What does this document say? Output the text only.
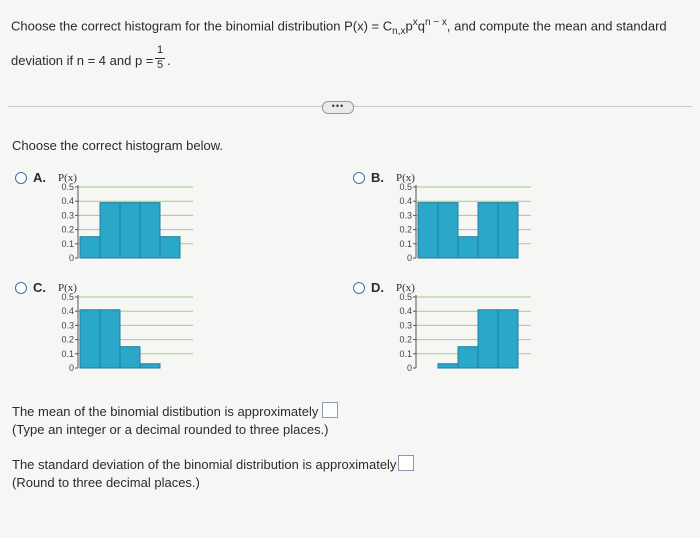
Choose the correct histogram for the binomial distribution $P(x) = C_{n,x}p^xq^{n - x}$, and compute the mean and standard
deviation if n = 4 and p =
1
5 .
•••
Choose the correct histogram below.
A. P(x)
0.5
0.4
0.3
0.2
0.1
0
B. P(x)
0.5
0.4
0.3
0.2
0.1
0
C. P(x)
0.5
0.4
0.3
0.2
0.1
0
D. P(x)
0.5
0.4
0.3
0.2
0.1
0
The mean of the binomial distibution is approximately
(Type an integer or a decimal rounded to three places.)
The standard deviation of the binomial distribution is approximately
(Round to three decimal places.)
